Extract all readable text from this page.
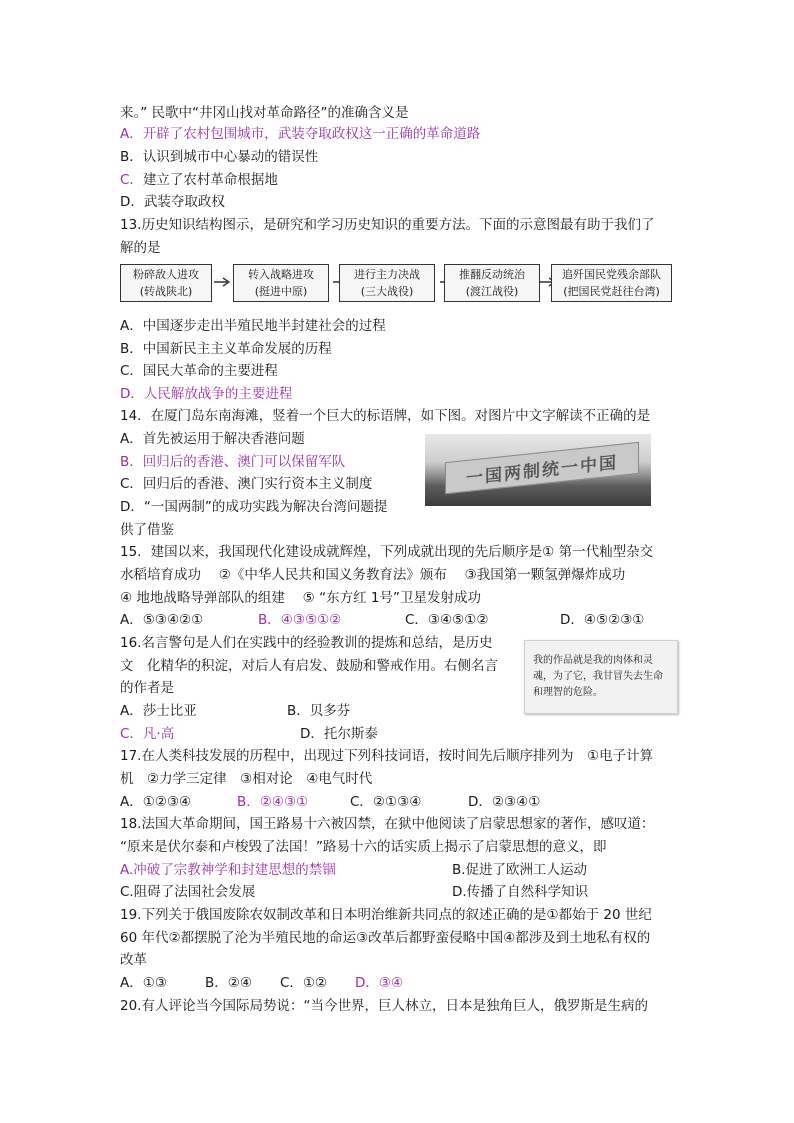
来。” 民歌中“井冈山找对革命路径”的准确含义是
A．开辟了农村包围城市，武装夺取政权这一正确的革命道路
B．认识到城市中心暴动的错误性
C．建立了农村革命根据地
D．武装夺取政权
13.历史知识结构图示，是研究和学习历史知识的重要方法。下面的示意图最有助于我们了
解的是
粉碎敌人进攻
(转战陕北)
转入战略进攻
(挺进中原)
进行主力决战
(三大战役)
推翻反动统治
(渡江战役)
追歼国民党残余部队
(把国民党赶往台湾)
A．中国逐步走出半殖民地半封建社会的过程
B．中国新民主主义革命发展的历程
C．国民大革命的主要进程
D．人民解放战争的主要进程
14．在厦门岛东南海滩，竖着一个巨大的标语牌，如下图。对图片中文字解读不正确的是
A．首先被运用于解决香港问题
B．回归后的香港、澳门可以保留军队
C．回归后的香港、澳门实行资本主义制度
D．“一国两制”的成功实践为解决台湾问题提
供了借鉴
一国两制统一中国
15．建国以来，我国现代化建设成就辉煌，下列成就出现的先后顺序是① 第一代籼型杂交
水稻培育成功　 ②《中华人民共和国义务教育法》颁布　 ③我国第一颗氢弹爆炸成功
④ 地地战略导弹部队的组建　 ⑤ “东方红 1号”卫星发射成功
A．⑤③④②①	B．④③⑤①②	C．③④⑤①②	D．④⑤②③①
16.名言警句是人们在实践中的经验教训的提炼和总结，是历史
文　化精华的积淀，对后人有启发、鼓励和警戒作用。右侧名言
的作者是
A．莎士比亚	B．贝多芬
C．凡·高	D．托尔斯泰
我的作品就是我的肉体和灵魂，为了它，我甘冒失去生命和理智的危险。
17.在人类科技发展的历程中，出现过下列科技词语，按时间先后顺序排列为　①电子计算
机　②力学三定律　③相对论　④电气时代
A．①②③④	B．②④③①	C．②①③④	D．②③④①
18.法国大革命期间，国王路易十六被囚禁，在狱中他阅读了启蒙思想家的著作，感叹道：
“原来是伏尔泰和卢梭毁了法国！”路易十六的话实质上揭示了启蒙思想的意义，即
A.冲破了宗教神学和封建思想的禁锢	B.促进了欧洲工人运动
C.阻碍了法国社会发展	D.传播了自然科学知识
19.下列关于俄国废除农奴制改革和日本明治维新共同点的叙述正确的是①都始于 20 世纪
60 年代②都摆脱了沦为半殖民地的命运③改革后都野蛮侵略中国④都涉及到土地私有权的
改革
A．①③	B．②④ C．①② D．③④
20.有人评论当今国际局势说：“当今世界，巨人林立，日本是独角巨人，俄罗斯是生病的
